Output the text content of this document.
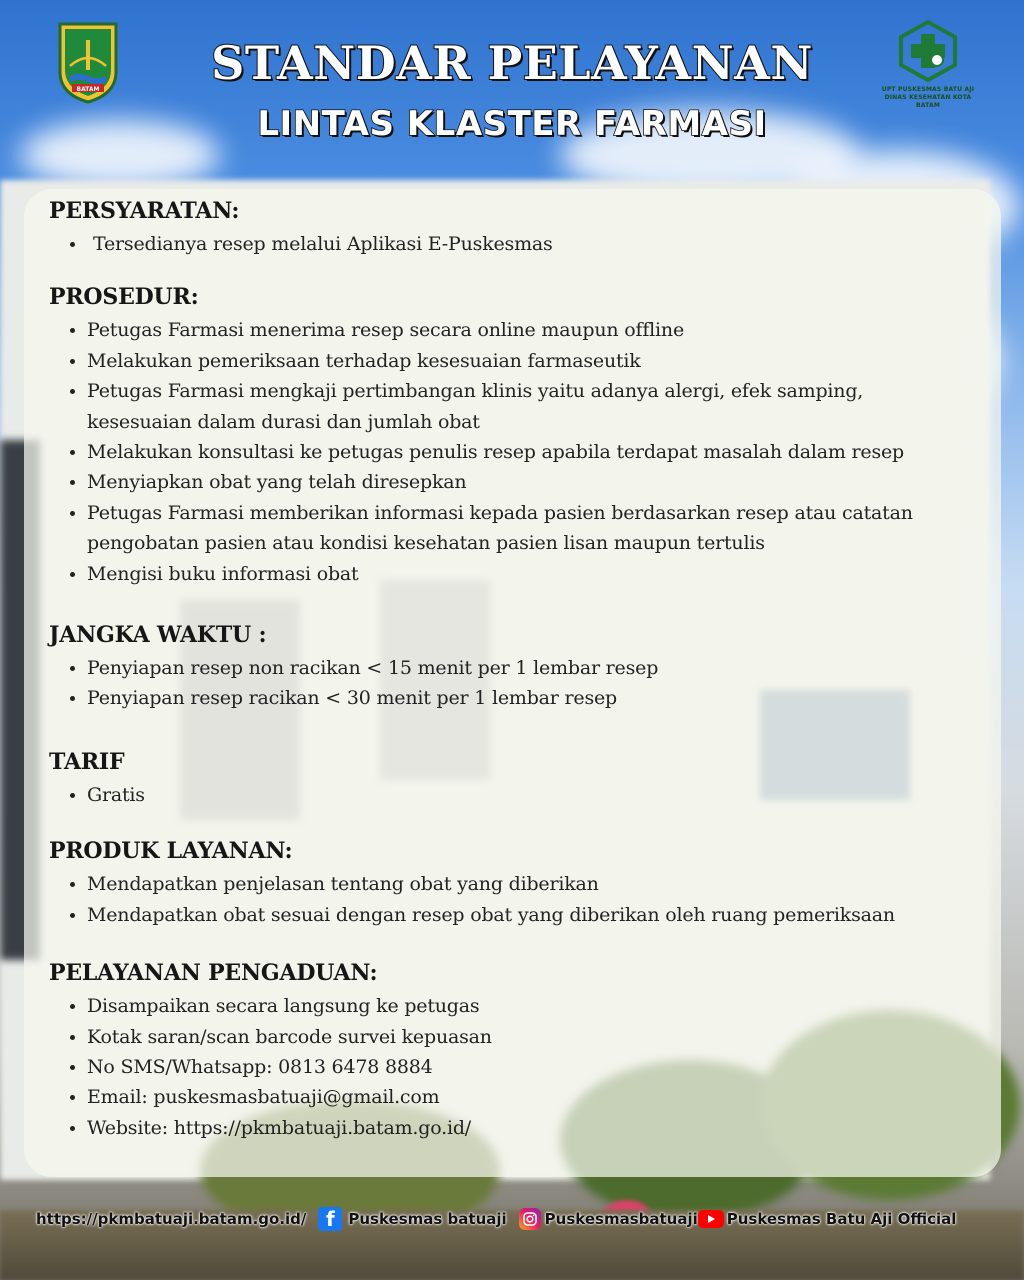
BATAM	STANDAR PELAYANAN
LINTAS KLASTER FARMASI
UPT PUSKESMAS BATU AJI
DINAS KESEHATAN KOTA BATAM
PERSYARATAN:
• Tersedianya resep melalui Aplikasi E-Puskesmas
PROSEDUR:
• Petugas Farmasi menerima resep secara online maupun offline
• Melakukan pemeriksaan terhadap kesesuaian farmaseutik
• Petugas Farmasi mengkaji pertimbangan klinis yaitu adanya alergi, efek samping, kesesuaian dalam durasi dan jumlah obat
• Melakukan konsultasi ke petugas penulis resep apabila terdapat masalah dalam resep
• Menyiapkan obat yang telah diresepkan
• Petugas Farmasi memberikan informasi kepada pasien berdasarkan resep atau catatan pengobatan pasien atau kondisi kesehatan pasien lisan maupun tertulis
• Mengisi buku informasi obat
JANGKA WAKTU :
• Penyiapan resep non racikan < 15 menit per 1 lembar resep
• Penyiapan resep racikan < 30 menit per 1 lembar resep
TARIF
• Gratis
PRODUK LAYANAN:
• Mendapatkan penjelasan tentang obat yang diberikan
• Mendapatkan obat sesuai dengan resep obat yang diberikan oleh ruang pemeriksaan
PELAYANAN PENGADUAN:
• Disampaikan secara langsung ke petugas
• Kotak saran/scan barcode survei kepuasan
• No SMS/Whatsapp: 0813 6478 8884
• Email: puskesmasbatuaji@gmail.com
• Website: https://pkmbatuaji.batam.go.id/
https://pkmbatuaji.batam.go.id/ f Puskesmas batuaji	Puskesmasbatuaji Puskesmas Batu Aji Official
